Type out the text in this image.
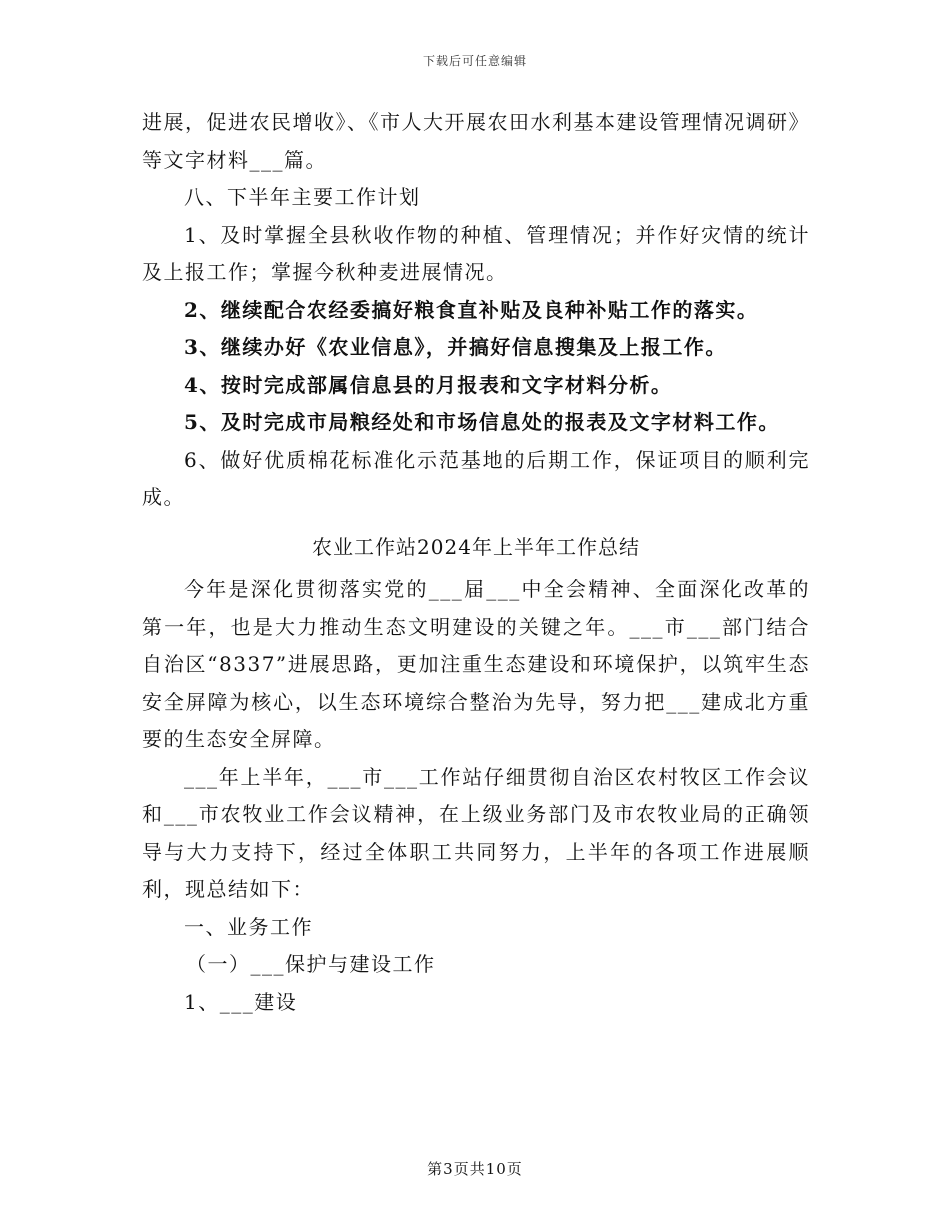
下载后可任意编辑

进展，促进农民增收》、《市人大开展农田水利基本建设管理情况调研》等文字材料___篇。

八、下半年主要工作计划

1、及时掌握全县秋收作物的种植、管理情况；并作好灾情的统计及上报工作；掌握今秋种麦进展情况。

2、继续配合农经委搞好粮食直补贴及良种补贴工作的落实。

3、继续办好《农业信息》，并搞好信息搜集及上报工作。

4、按时完成部属信息县的月报表和文字材料分析。

5、及时完成市局粮经处和市场信息处的报表及文字材料工作。

6、做好优质棉花标准化示范基地的后期工作，保证项目的顺利完成。

农业工作站2024年上半年工作总结

今年是深化贯彻落实党的___届___中全会精神、全面深化改革的第一年，也是大力推动生态文明建设的关键之年。___市___部门结合自治区“8337”进展思路，更加注重生态建设和环境保护，以筑牢生态安全屏障为核心，以生态环境综合整治为先导，努力把___建成北方重要的生态安全屏障。

___年上半年，___市___工作站仔细贯彻自治区农村牧区工作会议和___市农牧业工作会议精神，在上级业务部门及市农牧业局的正确领导与大力支持下，经过全体职工共同努力，上半年的各项工作进展顺利，现总结如下：

一、业务工作

（一）___保护与建设工作

1、___建设

第3页共10页
